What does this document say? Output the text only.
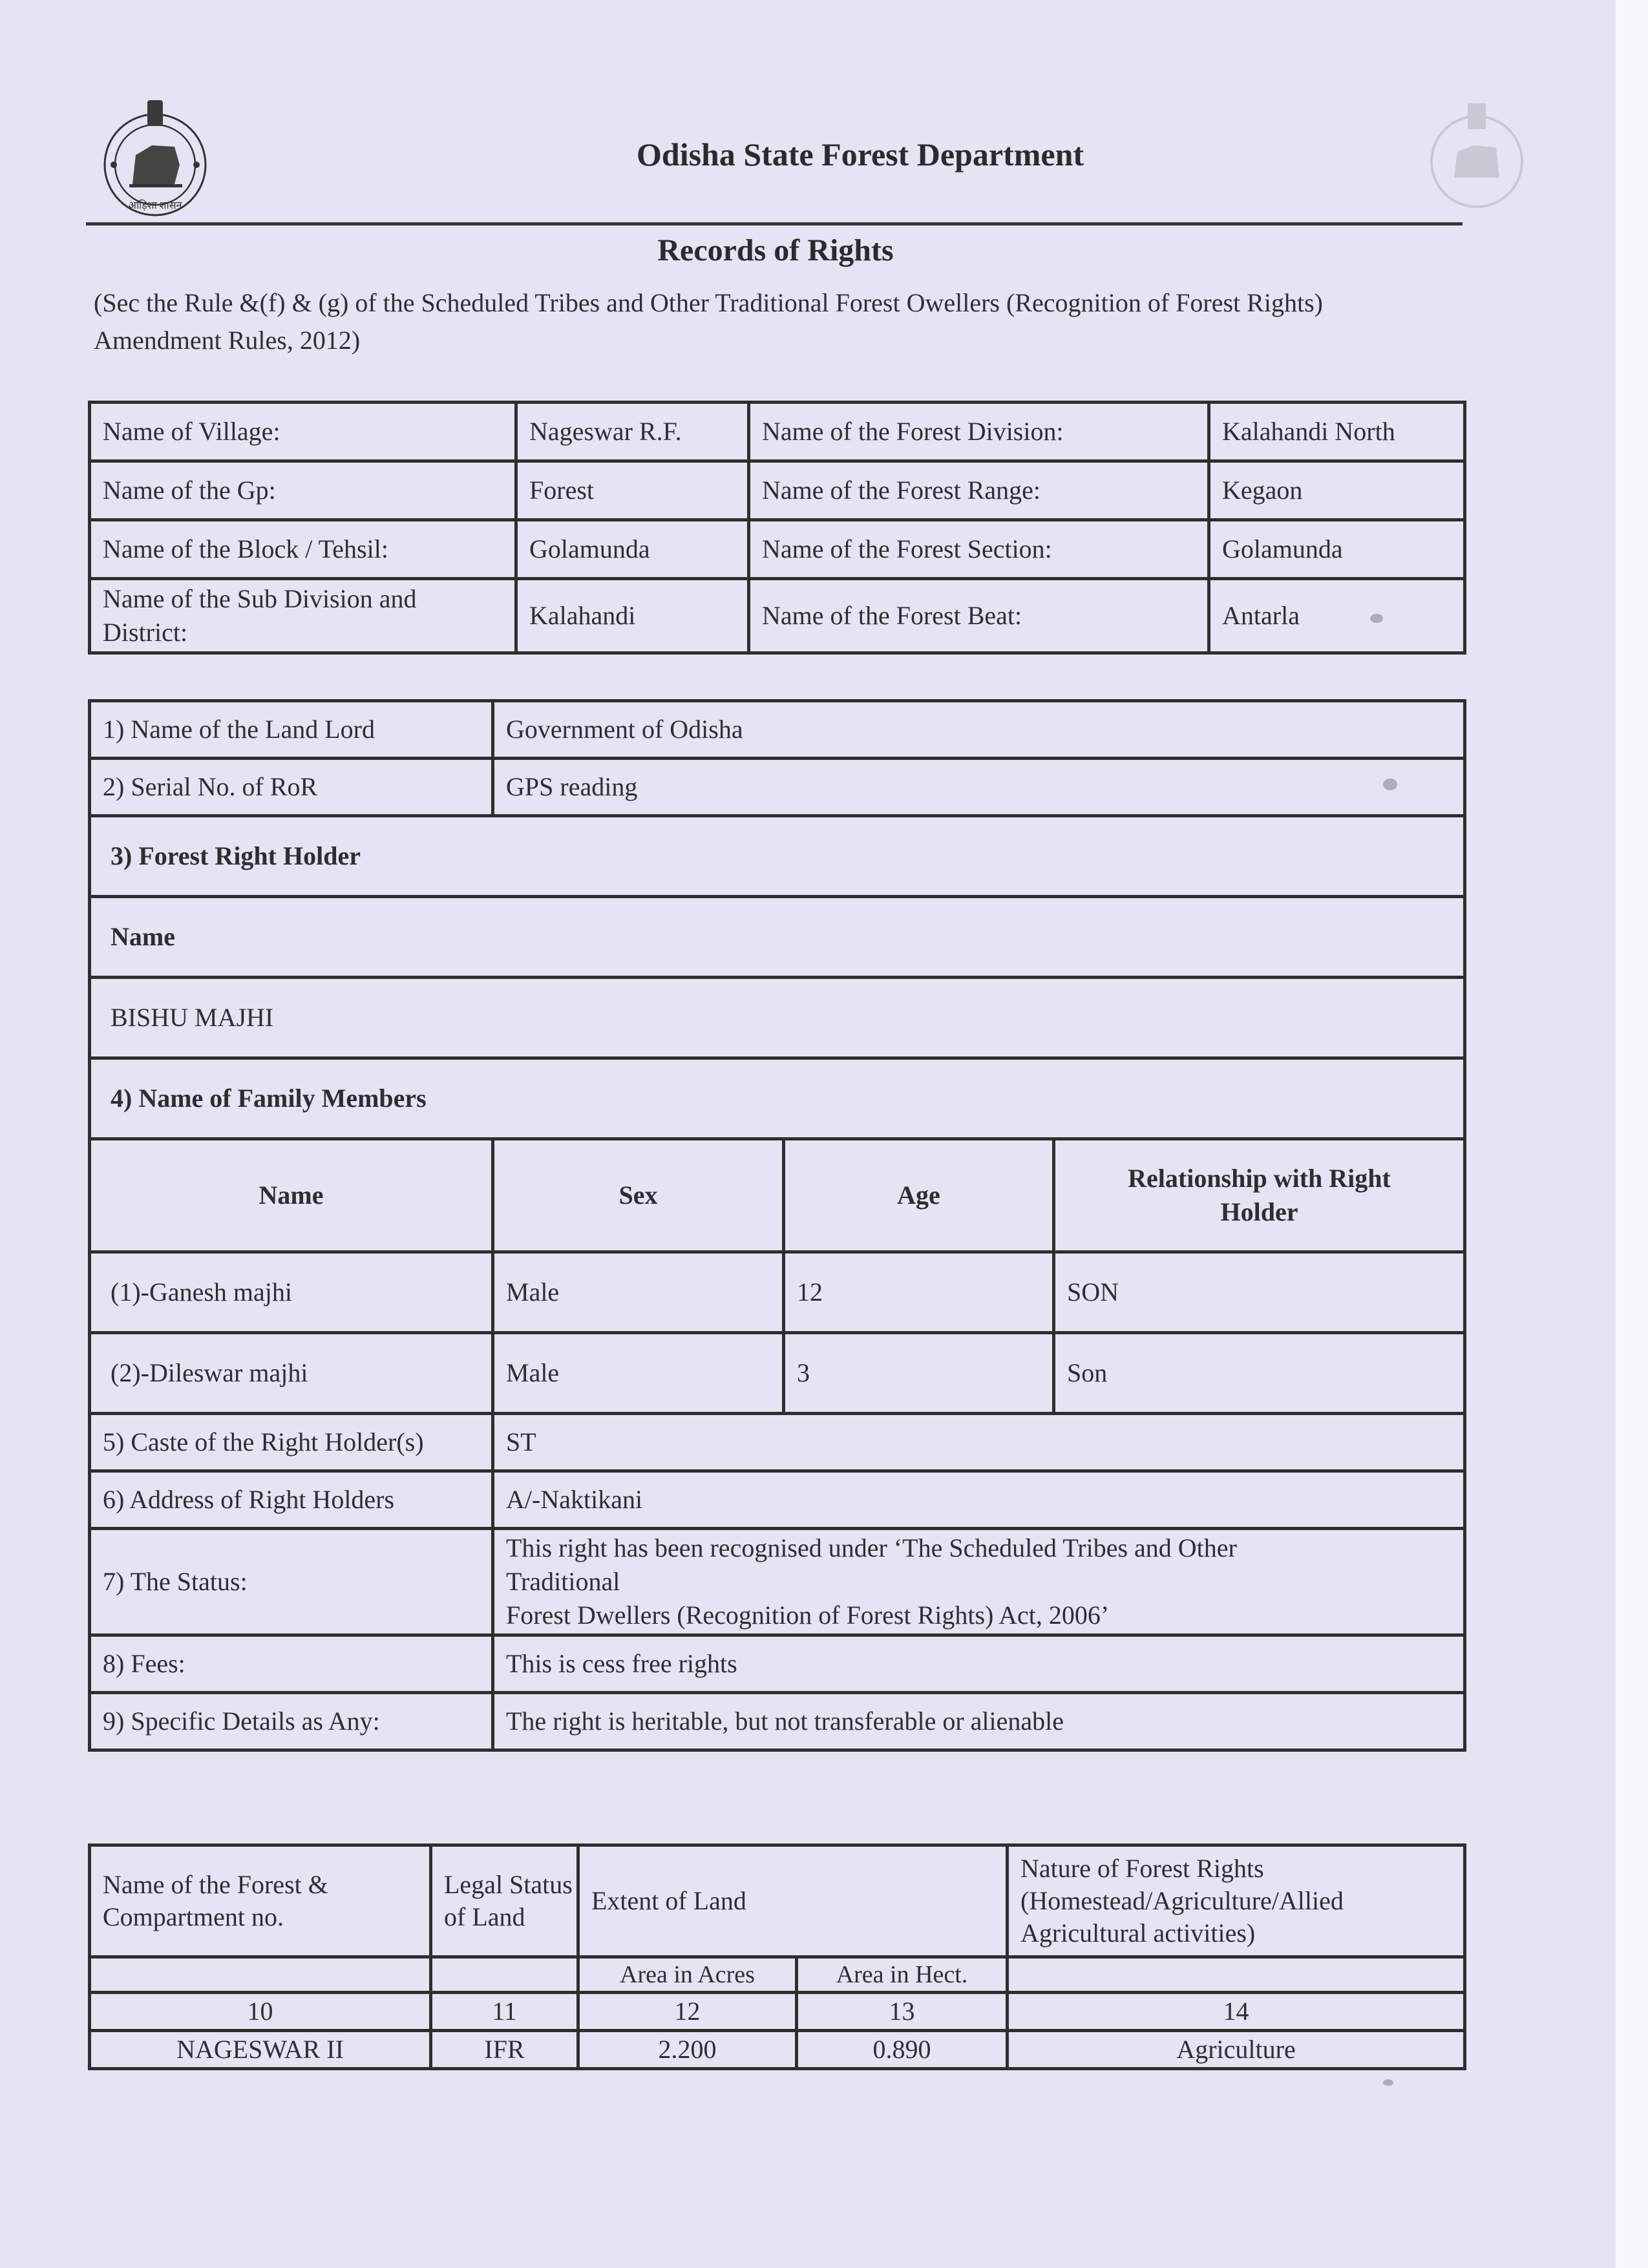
ओड़िशा शासन
Odisha State Forest Department
Records of Rights
(Sec the Rule &(f) & (g) of the Scheduled Tribes and Other Traditional Forest Owellers (Recognition of Forest Rights) Amendment Rules, 2012)
Name of Village:	Nageswar R.F.	Name of the Forest Division:	Kalahandi North
Name of the Gp:	Forest	Name of the Forest Range:	Kegaon
Name of the Block / Tehsil:	Golamunda	Name of the Forest Section:	Golamunda
Name of the Sub Division and District:	Kalahandi	Name of the Forest Beat:	Antarla
1) Name of the Land Lord	Government of Odisha		
2) Serial No. of RoR	GPS reading		
3) Forest Right Holder			
Name			
BISHU MAJHI			
4) Name of Family Members			
Name	Sex	Age	Relationship with Right Holder
(1)-Ganesh majhi	Male	12	SON
(2)-Dileswar majhi	Male	3	Son
5) Caste of the Right Holder(s)	ST		
6) Address of Right Holders	A/-Naktikani		
7) The Status:	This right has been recognised under ‘The Scheduled Tribes and Other
Traditional
Forest Dwellers (Recognition of Forest Rights) Act, 2006’		

8) Fees:	This is cess free rights		
9) Specific Details as Any:	The right is heritable, but not transferable or alienable		
Name of the Forest & Compartment no.	Legal Status of Land	Extent of Land		Nature of Forest Rights (Homestead/Agriculture/Allied Agricultural activities)
		Area in Acres	Area in Hect.	
10	11	12	13	14
NAGESWAR II	IFR	2.200	0.890	Agriculture
